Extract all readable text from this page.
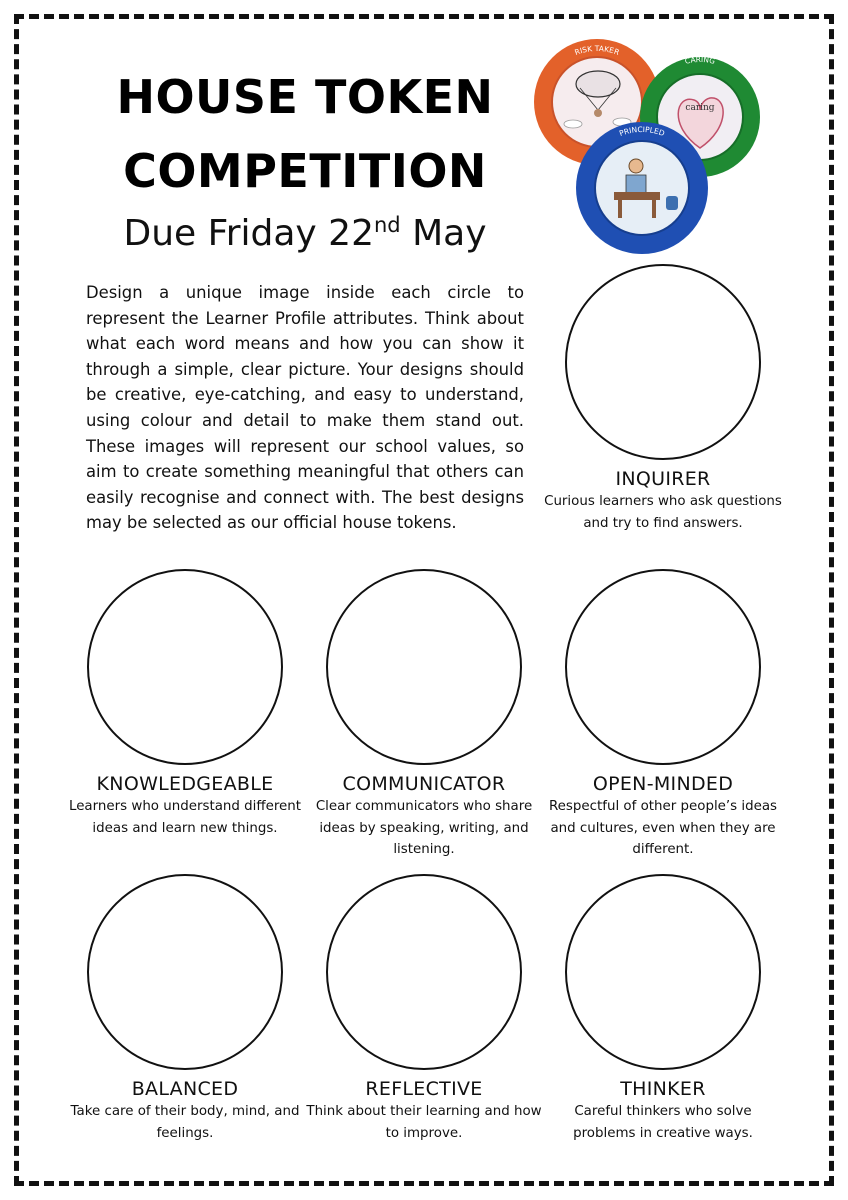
HOUSE TOKEN
COMPETITION
Due Friday 22nd May

Design a unique image inside each circle to represent the Learner Profile attributes. Think about what each word means and how you can show it through a simple, clear picture. Your designs should be creative, eye-catching, and easy to understand, using colour and detail to make them stand out. These images will represent our school values, so aim to create something meaningful that others can easily recognise and connect with. The best designs may be selected as our official house tokens.

RISK TAKER
CARING
caring
PRINCIPLED
INQUIRER
Curious learners who ask questions and try to find answers.
KNOWLEDGEABLE
Learners who understand different ideas and learn new things.
COMMUNICATOR
Clear communicators who share ideas by speaking, writing, and listening.
OPEN-MINDED
Respectful of other people’s ideas and cultures, even when they are different.
BALANCED
Take care of their body, mind, and feelings.
REFLECTIVE
Think about their learning and how to improve.
THINKER
Careful thinkers who solve problems in creative ways.
